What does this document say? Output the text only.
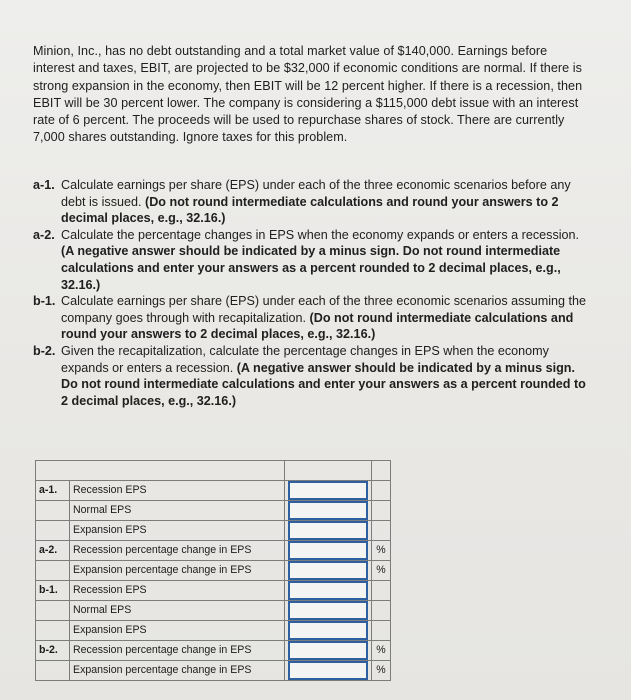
Minion, Inc., has no debt outstanding and a total market value of $140,000. Earnings before interest and taxes, EBIT, are projected to be $32,000 if economic conditions are normal. If there is strong expansion in the economy, then EBIT will be 12 percent higher. If there is a recession, then EBIT will be 30 percent lower. The company is considering a $115,000 debt issue with an interest rate of 6 percent. The proceeds will be used to repurchase shares of stock. There are currently 7,000 shares outstanding. Ignore taxes for this problem.
a-1. Calculate earnings per share (EPS) under each of the three economic scenarios before any debt is issued. (Do not round intermediate calculations and round your answers to 2 decimal places, e.g., 32.16.)
a-2. Calculate the percentage changes in EPS when the economy expands or enters a recession. (A negative answer should be indicated by a minus sign. Do not round intermediate calculations and enter your answers as a percent rounded to 2 decimal places, e.g., 32.16.)
b-1. Calculate earnings per share (EPS) under each of the three economic scenarios assuming the company goes through with recapitalization. (Do not round intermediate calculations and round your answers to 2 decimal places, e.g., 32.16.)
b-2. Given the recapitalization, calculate the percentage changes in EPS when the economy expands or enters a recession. (A negative answer should be indicated by a minus sign. Do not round intermediate calculations and enter your answers as a percent rounded to 2 decimal places, e.g., 32.16.)

a-1.	Recession EPS	

	Normal EPS	

	Expansion EPS	

a-2.	Recession percentage change in EPS		%
	Expansion percentage change in EPS		%
b-1.	Recession EPS	

	Normal EPS	

	Expansion EPS	

b-2.	Recession percentage change in EPS		%
	Expansion percentage change in EPS		%
